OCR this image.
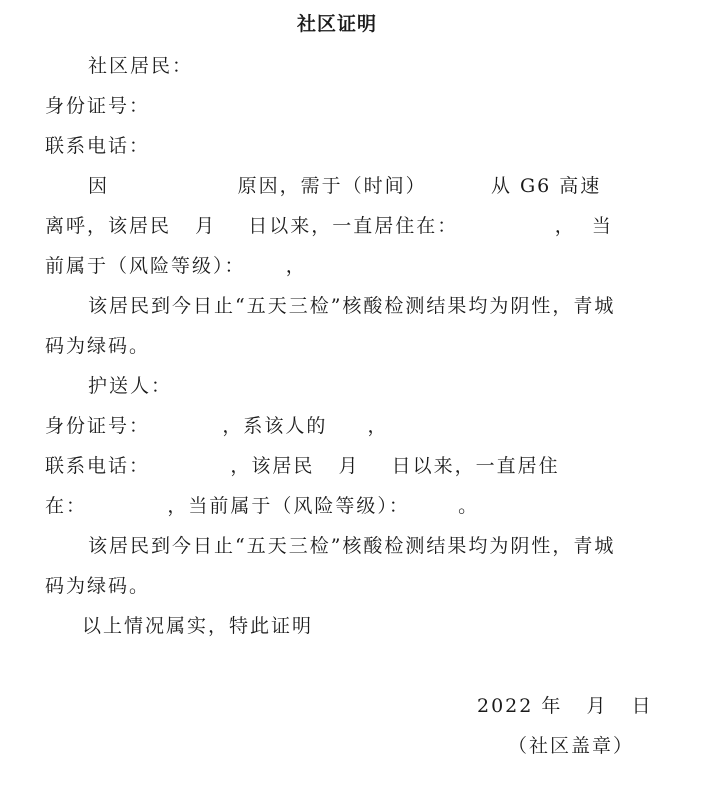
社区证明
社区居民：
身份证号：
联系电话：
因                原因，需于（时间）        从 G6 高速
离呼，该居民   月    日以来，一直居住在：            ，  当
前属于（风险等级）：     ，
该居民到今日止“五天三检”核酸检测结果均为阴性，青城
码为绿码。
护送人：
身份证号：         ，系该人的     ，
联系电话：          ，该居民   月    日以来，一直居住
在：          ，当前属于（风险等级）：      。
该居民到今日止“五天三检”核酸检测结果均为阴性，青城
码为绿码。
以上情况属实，特此证明
2022 年   月   日
（社区盖章）
